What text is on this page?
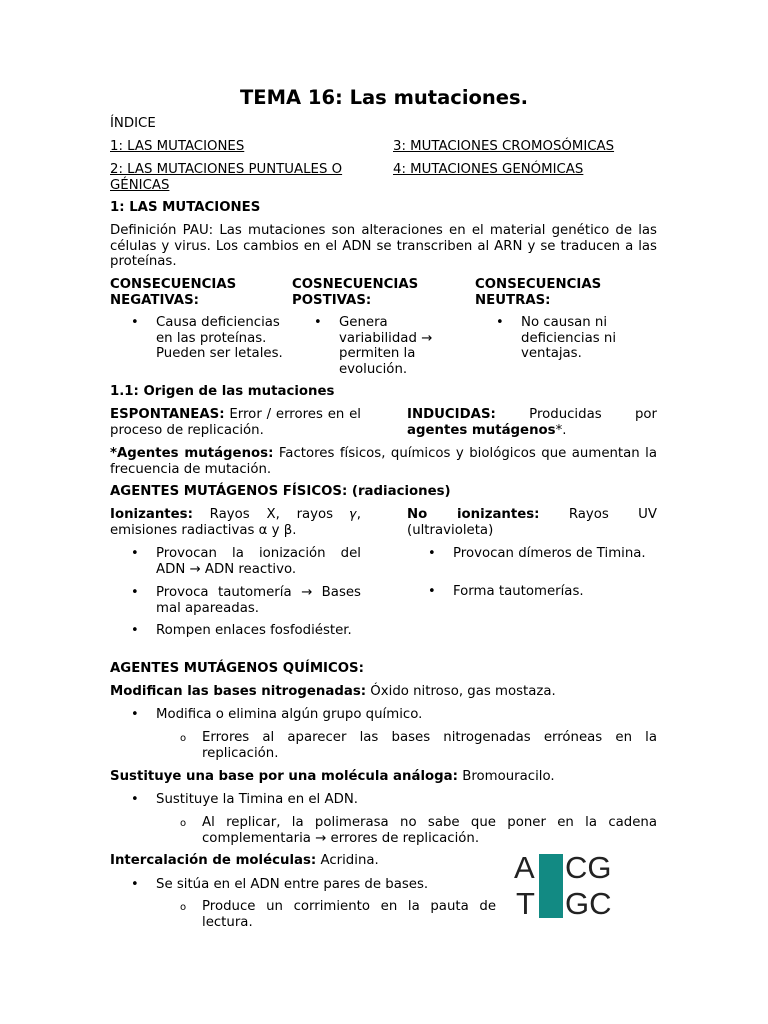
TEMA 16: Las mutaciones.
ÍNDICE
1: LAS MUTACIONES	3: MUTACIONES CROMOSÓMICAS
2: LAS MUTACIONES PUNTUALES O GÉNICAS
4: MUTACIONES GENÓMICAS
1: LAS MUTACIONES

Definición PAU: Las mutaciones son alteraciones en el material genético de las células y virus. Los cambios en el ADN se transcriben al ARN y se traducen a las proteínas.

CONSECUENCIAS NEGATIVAS:
COSNECUENCIAS POSTIVAS:
CONSECUENCIAS NEUTRAS:
• Causa deficiencias en las proteínas. Pueden ser letales.
• Genera variabilidad → permiten la evolución.
• No causan ni deficiencias ni ventajas.
1.1: Origen de las mutaciones

ESPONTANEAS: Error / errores en el proceso de replicación.

INDUCIDAS: Producidas por agentes mutágenos*.

*Agentes mutágenos: Factores físicos, químicos y biológicos que aumentan la frecuencia de mutación.

AGENTES MUTÁGENOS FÍSICOS: (radiaciones)

Ionizantes: Rayos X, rayos 𝛾, emisiones radiactivas α y β.

• Provocan la ionización del ADN → ADN reactivo.

• Provoca tautomería → Bases mal apareadas.

• Rompen enlaces fosfodiéster.

No ionizantes: Rayos UV (ultravioleta)

• Provocan dímeros de Timina.

• Forma tautomerías.

AGENTES MUTÁGENOS QUÍMICOS:

Modifican las bases nitrogenadas: Óxido nitroso, gas mostaza.

• Modifica o elimina algún grupo químico.
o Errores al aparecer las bases nitrogenadas erróneas en la replicación.

Sustituye una base por una molécula análoga: Bromouracilo.

• Sustituye la Timina en el ADN.
o Al replicar, la polimerasa no sabe que poner en la cadena complementaria → errores de replicación.

Intercalación de moléculas: Acridina.

• Se sitúa en el ADN entre pares de bases.
o Produce un corrimiento en la pauta de lectura.

A CG
T GC
